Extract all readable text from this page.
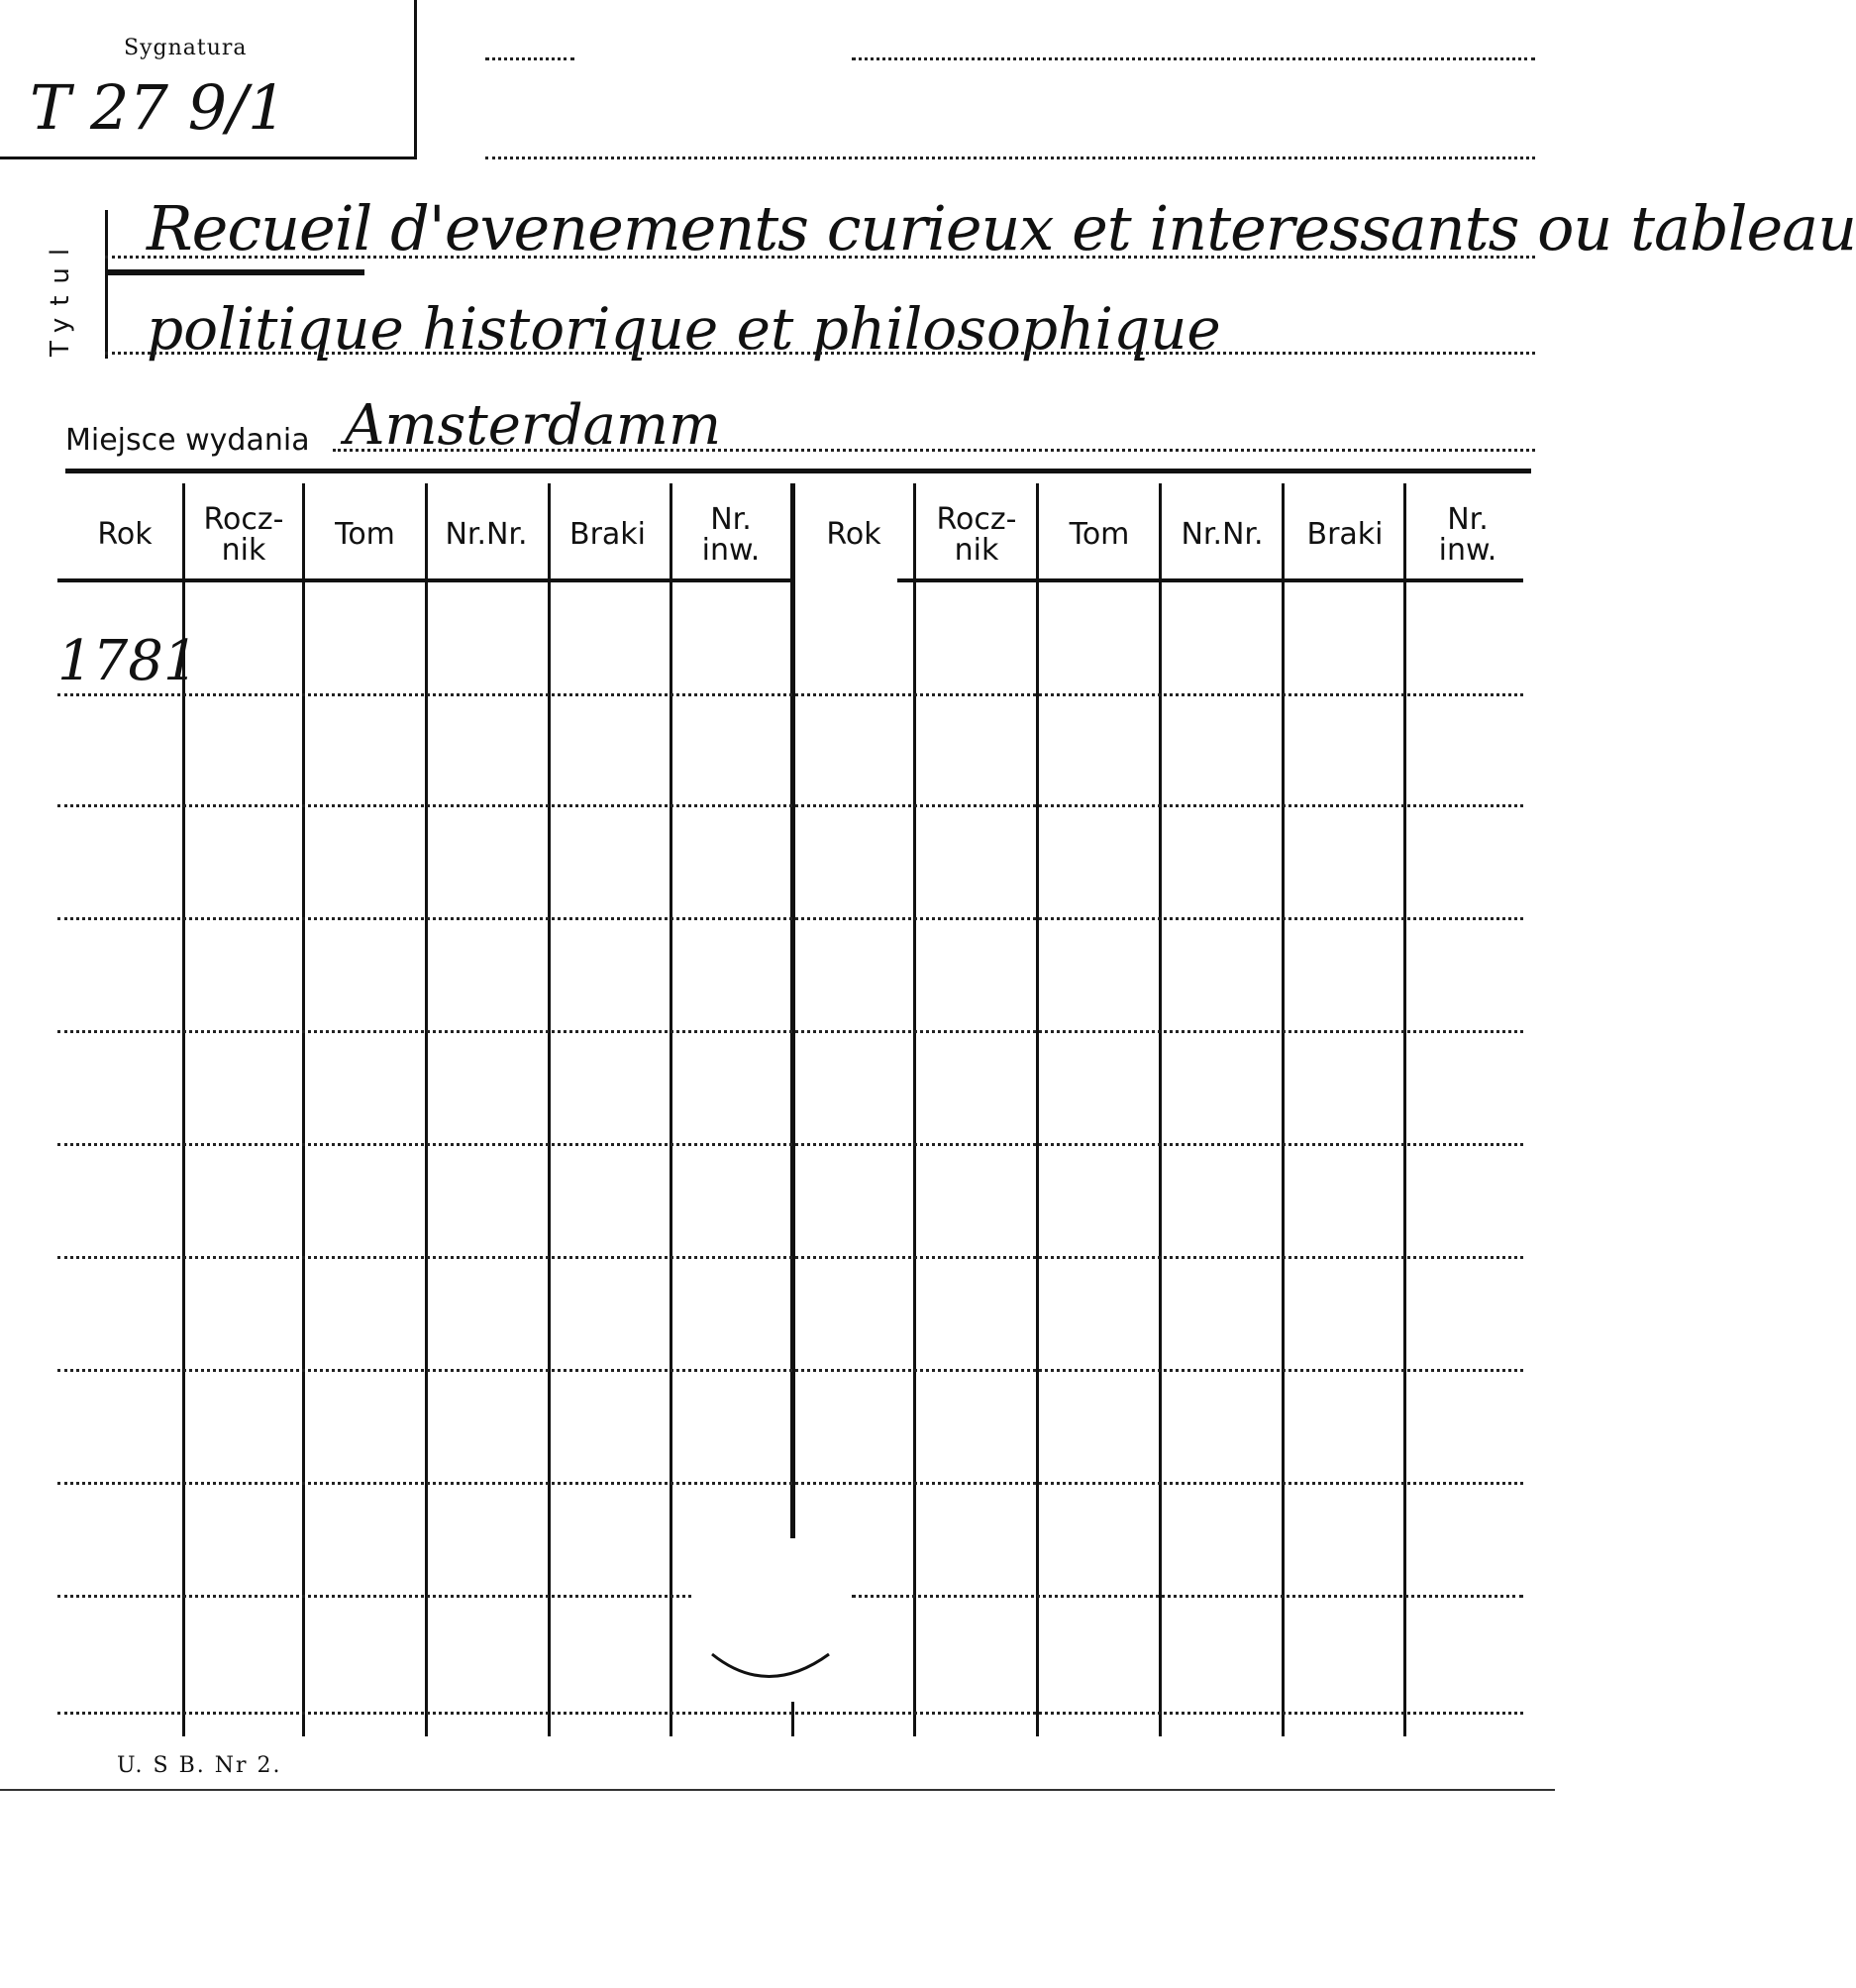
Sygnatura
T 27 9/1
Tytul
Recueil d'evenements curieux et interessants ou tableau
politique historique et philosophique
Miejsce wydania Amsterdamm
Rok Rocz-
nik	Tom Nr.Nr. Braki Nr.
inw. Rok Rocz-
nik	Tom Nr.Nr. Braki Nr.
inw.
1781
U. S B. Nr 2.
